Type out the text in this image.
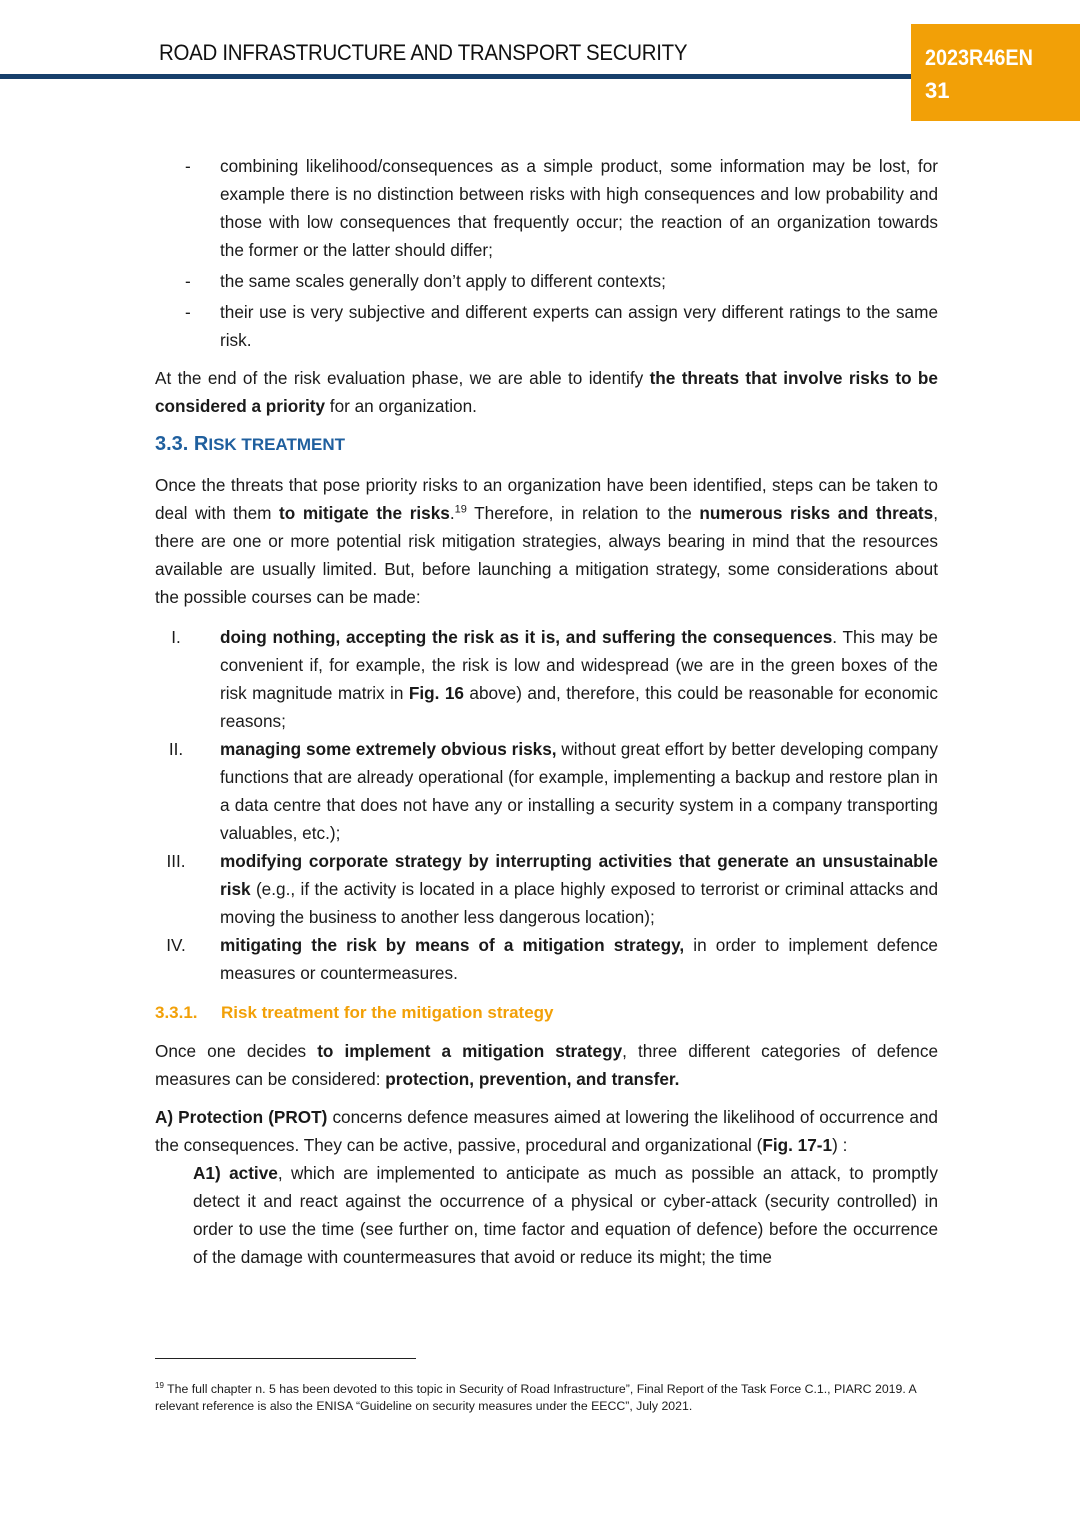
ROAD INFRASTRUCTURE AND TRANSPORT SECURITY	2023R46EN
31
- combining likelihood/consequences as a simple product, some information may be lost, for example there is no distinction between risks with high consequences and low probability and those with low consequences that frequently occur; the reaction of an organization towards the former or the latter should differ;
- the same scales generally don’t apply to different contexts;
- their use is very subjective and different experts can assign very different ratings to the same risk.

At the end of the risk evaluation phase, we are able to identify the threats that involve risks to be considered a priority for an organization.

3.3. RISK TREATMENT

Once the threats that pose priority risks to an organization have been identified, steps can be taken to deal with them to mitigate the risks.$^{19}$ Therefore, in relation to the numerous risks and threats, there are one or more potential risk mitigation strategies, always bearing in mind that the resources available are usually limited. But, before launching a mitigation strategy, some considerations about the possible courses can be made:

I.	doing nothing, accepting the risk as it is, and suffering the consequences. This may be convenient if, for example, the risk is low and widespread (we are in the green boxes of the risk magnitude matrix in Fig. 16 above) and, therefore, this could be reasonable for economic reasons;
II.	managing some extremely obvious risks, without great effort by better developing company functions that are already operational (for example, implementing a backup and restore plan in a data centre that does not have any or installing a security system in a company transporting valuables, etc.);
III. modifying corporate strategy by interrupting activities that generate an unsustainable risk (e.g., if the activity is located in a place highly exposed to terrorist or criminal attacks and moving the business to another less dangerous location);
IV. mitigating the risk by means of a mitigation strategy, in order to implement defence measures or countermeasures.
3.3.1. Risk treatment for the mitigation strategy

Once one decides to implement a mitigation strategy, three different categories of defence measures can be considered: protection, prevention, and transfer.

A) Protection (PROT) concerns defence measures aimed at lowering the likelihood of occurrence and the consequences. They can be active, passive, procedural and organizational (Fig. 17-1) :

A1) active, which are implemented to anticipate as much as possible an attack, to promptly detect it and react against the occurrence of a physical or cyber-attack (security controlled) in order to use the time (see further on, time factor and equation of defence) before the occurrence of the damage with countermeasures that avoid or reduce its might; the time

$^{19}$ The full chapter n. 5 has been devoted to this topic in Security of Road Infrastructure”, Final Report of the Task Force C.1., PIARC 2019. A relevant reference is also the ENISA “Guideline on security measures under the EECC”, July 2021.
